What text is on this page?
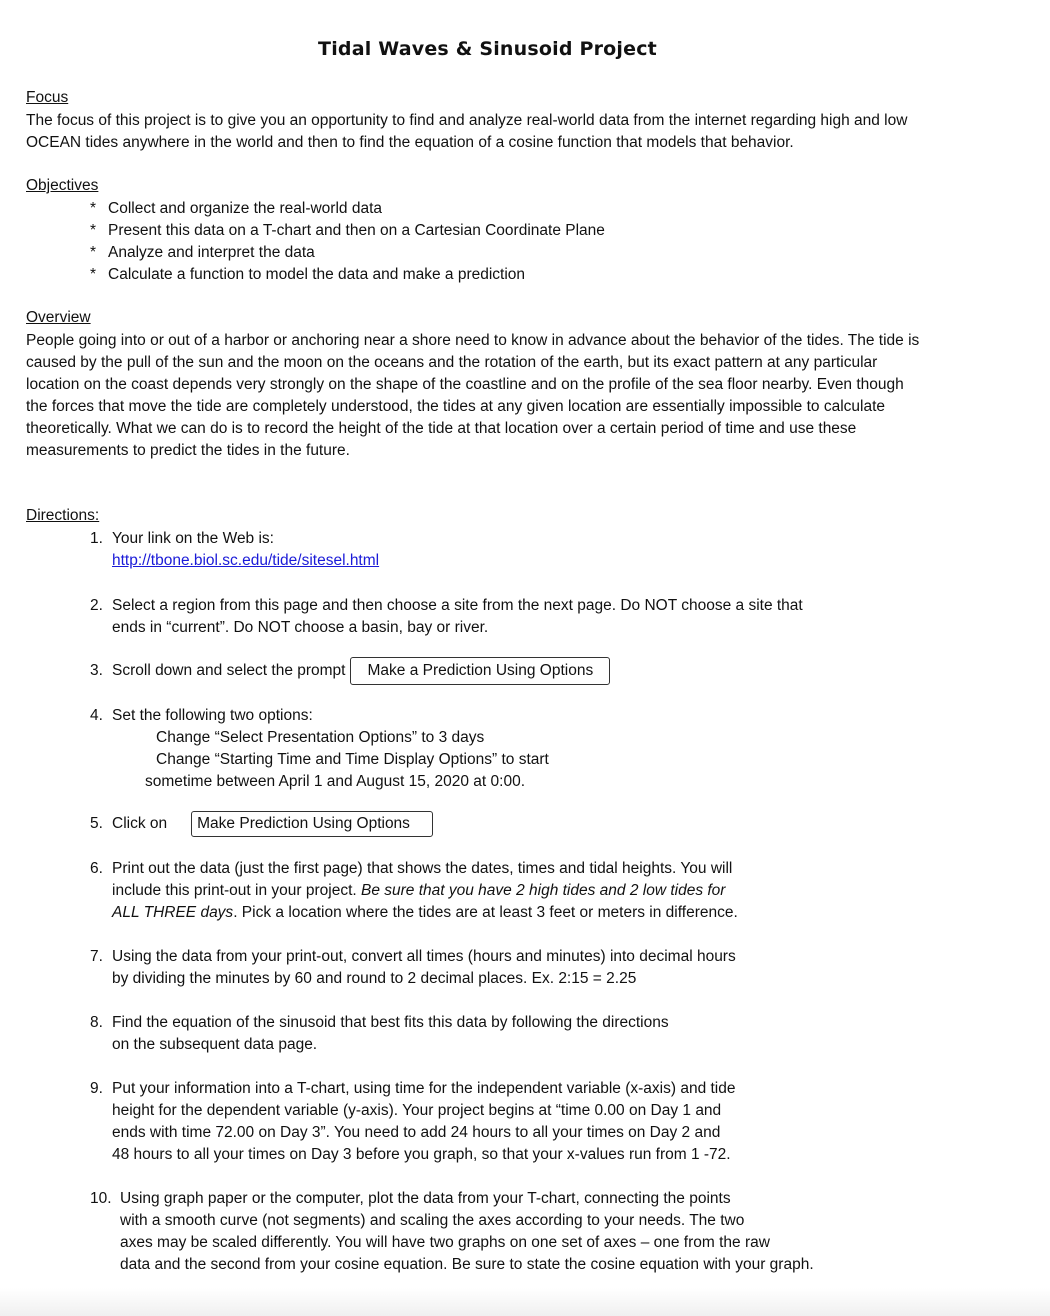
Tidal Waves & Sinusoid Project
Focus
The focus of this project is to give you an opportunity to find and analyze real-world data from the internet regarding high and low
OCEAN tides anywhere in the world and then to find the equation of a cosine function that models that behavior.
Objectives
* Collect and organize the real-world data
* Present this data on a T-chart and then on a Cartesian Coordinate Plane
* Analyze and interpret the data
* Calculate a function to model the data and make a prediction
Overview
People going into or out of a harbor or anchoring near a shore need to know in advance about the behavior of the tides. The tide is
caused by the pull of the sun and the moon on the oceans and the rotation of the earth, but its exact pattern at any particular
location on the coast depends very strongly on the shape of the coastline and on the profile of the sea floor nearby. Even though
the forces that move the tide are completely understood, the tides at any given location are essentially impossible to calculate
theoretically. What we can do is to record the height of the tide at that location over a certain period of time and use these
measurements to predict the tides in the future.
Directions:
1. Your link on the Web is:
http://tbone.biol.sc.edu/tide/sitesel.html
2. Select a region from this page and then choose a site from the next page. Do NOT choose a site that
ends in “current”. Do NOT choose a basin, bay or river.
3. Scroll down and select the prompt Make a Prediction Using Options
4. Set the following two options:
Change “Select Presentation Options” to 3 days
Change “Starting Time and Time Display Options” to start
sometime between April 1 and August 15, 2020 at 0:00.
5. Click on Make Prediction Using Options
6. Print out the data (just the first page) that shows the dates, times and tidal heights. You will
include this print-out in your project. Be sure that you have 2 high tides and 2 low tides for
ALL THREE days. Pick a location where the tides are at least 3 feet or meters in difference.
7. Using the data from your print-out, convert all times (hours and minutes) into decimal hours
by dividing the minutes by 60 and round to 2 decimal places. Ex. 2:15 = 2.25
8. Find the equation of the sinusoid that best fits this data by following the directions
on the subsequent data page.
9. Put your information into a T-chart, using time for the independent variable (x-axis) and tide
height for the dependent variable (y-axis). Your project begins at “time 0.00 on Day 1 and
ends with time 72.00 on Day 3”. You need to add 24 hours to all your times on Day 2 and
48 hours to all your times on Day 3 before you graph, so that your x-values run from 1 -72.
10. Using graph paper or the computer, plot the data from your T-chart, connecting the points
with a smooth curve (not segments) and scaling the axes according to your needs. The two
axes may be scaled differently. You will have two graphs on one set of axes – one from the raw
data and the second from your cosine equation. Be sure to state the cosine equation with your graph.
